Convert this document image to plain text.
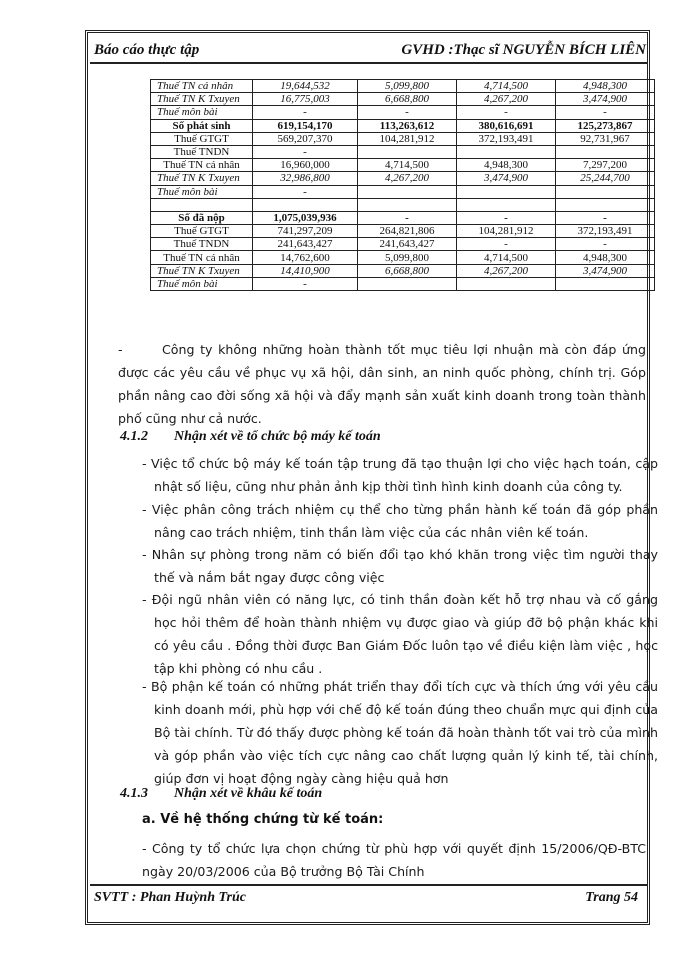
Báo cáo thực tập	GVHD :Thạc sĩ NGUYỄN BÍCH LIÊN
Thuế TN cá nhân	19,644,532	5,099,800	4,714,500	4,948,300
Thuế TN K Txuyen	16,775,003	6,668,800	4,267,200	3,474,900
Thuế môn bài	-	-	-	-
Số phát sinh	619,154,170	113,263,612	380,616,691	125,273,867
Thuế GTGT	569,207,370	104,281,912	372,193,491	92,731,967
Thuế TNDN	-			
Thuế TN cá nhân	16,960,000	4,714,500	4,948,300	7,297,200
Thuế TN K Txuyen	32,986,800	4,267,200	3,474,900	25,244,700
Thuế môn bài	-			

Số đã nộp	1,075,039,936	-	-	-
Thuế GTGT	741,297,209	264,821,806	104,281,912	372,193,491
Thuế TNDN	241,643,427	241,643,427	-	-
Thuế TN cá nhân	14,762,600	5,099,800	4,714,500	4,948,300
Thuế TN K Txuyen	14,410,900	6,668,800	4,267,200	3,474,900
Thuế môn bài	-			
-	Công ty không những hoàn thành tốt mục tiêu lợi nhuận mà còn đáp ứng được các yêu cầu về phục vụ xã hội, dân sinh, an ninh quốc phòng, chính trị. Góp phần nâng cao đời sống xã hội và đẩy mạnh sản xuất kinh doanh trong toàn thành phố cũng như cả nước.
4.1.2 Nhận xét về tổ chức bộ máy kế toán
- Việc tổ chức bộ máy kế toán tập trung đã tạo thuận lợi cho việc hạch toán, cập nhật số liệu, cũng như phản ảnh kịp thời tình hình kinh doanh của công ty.
- Việc phân công trách nhiệm cụ thể cho từng phần hành kế toán đã góp phần nâng cao trách nhiệm, tinh thần làm việc của các nhân viên kế toán.
- Nhân sự phòng trong năm có biến đổi tạo khó khăn trong việc tìm người thay thế và nắm bắt ngay được công việc
- Đội ngũ nhân viên có năng lực, có tinh thần đoàn kết hỗ trợ nhau và cố gắng học hỏi thêm để hoàn thành nhiệm vụ được giao và giúp đỡ bộ phận khác khi có yêu cầu . Đồng thời được Ban Giám Đốc luôn tạo về điều kiện làm việc , học tập khi phòng có nhu cầu .
- Bộ phận kế toán có những phát triển thay đổi tích cực và thích ứng với yêu cầu kinh doanh mới, phù hợp với chế độ kế toán đúng theo chuẩn mực qui định của Bộ tài chính. Từ đó thấy được phòng kế toán đã hoàn thành tốt vai trò của mình và góp phần vào việc tích cực nâng cao chất lượng quản lý kinh tế, tài chính, giúp đơn vị hoạt động ngày càng hiệu quả hơn
4.1.3 Nhận xét về khâu kế toán
a. Về hệ thống chứng từ kế toán:
- Công ty tổ chức lựa chọn chứng từ phù hợp với quyết định 15/2006/QĐ-BTC ngày 20/03/2006 của Bộ trưởng Bộ Tài Chính
SVTT : Phan Huỳnh Trúc	Trang 54
